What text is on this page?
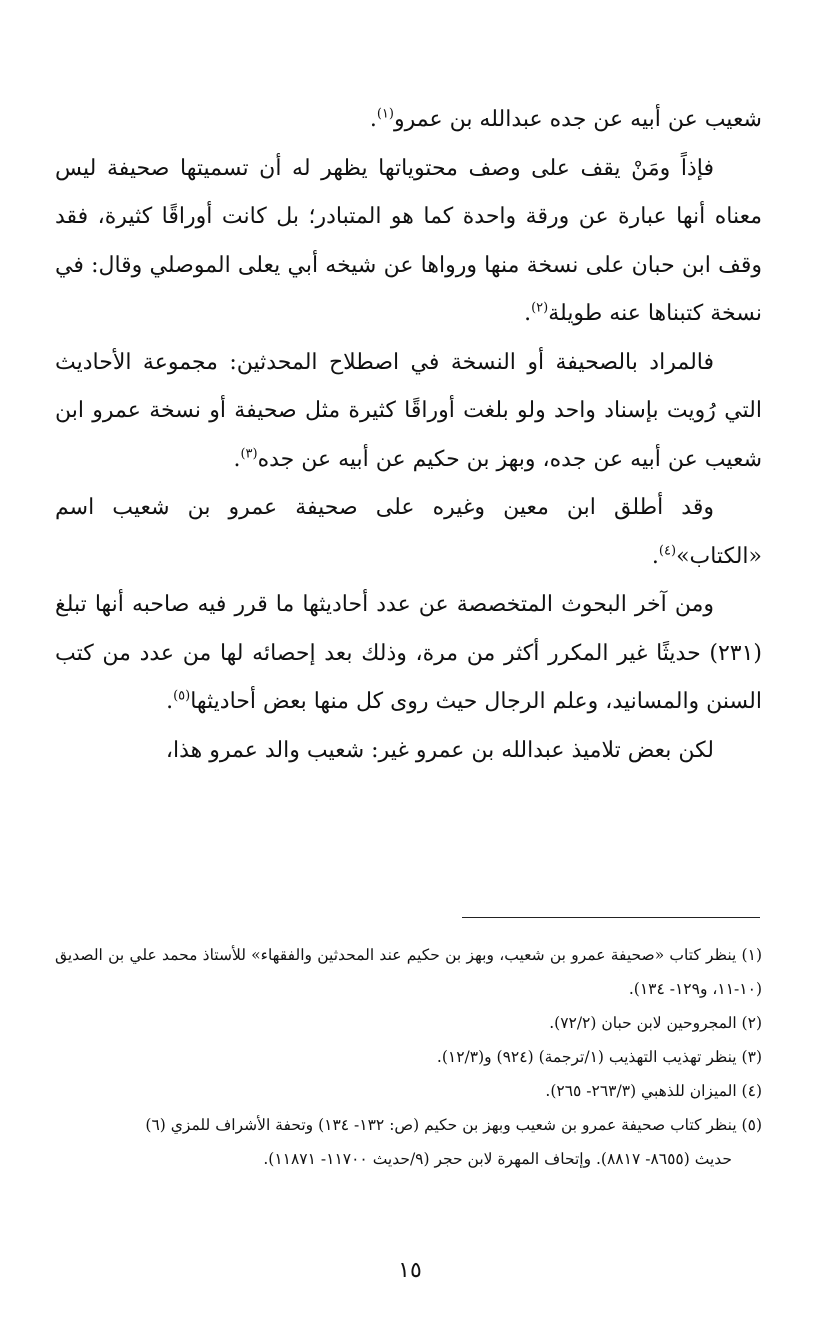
شعيب عن أبيه عن جده عبدالله بن عمرو$^{(١)}$.

فإذاً ومَنْ يقف على وصف محتوياتها يظهر له أن تسميتها صحيفة ليس معناه أنها عبارة عن ورقة واحدة كما هو المتبادر؛ بل كانت أوراقًا كثيرة، فقد وقف ابن حبان على نسخة منها ورواها عن شيخه أبي يعلى الموصلي وقال: في نسخة كتبناها عنه طويلة$^{(٢)}$.

فالمراد بالصحيفة أو النسخة في اصطلاح المحدثين: مجموعة الأحاديث التي رُويت بإسناد واحد ولو بلغت أوراقًا كثيرة مثل صحيفة أو نسخة عمرو ابن شعيب عن أبيه عن جده، وبهز بن حكيم عن أبيه عن جده$^{(٣)}$.

وقد أطلق ابن معين وغيره على صحيفة عمرو بن شعيب اسم «الكتاب»$^{(٤)}$.

ومن آخر البحوث المتخصصة عن عدد أحاديثها ما قرر فيه صاحبه أنها تبلغ (٢٣١) حديثًا غير المكرر أكثر من مرة، وذلك بعد إحصائه لها من عدد من كتب السنن والمسانيد، وعلم الرجال حيث روى كل منها بعض أحاديثها$^{(٥)}$.

لكن بعض تلاميذ عبدالله بن عمرو غير: شعيب والد عمرو هذا،

(١) ينظر كتاب «صحيفة عمرو بن شعيب، وبهز بن حكيم عند المحدثين والفقهاء» للأستاذ محمد علي بن الصديق (١٠-١١، و١٢٩- ١٣٤).

(٢) المجروحين لابن حبان (٧٢/٢).

(٣) ينظر تهذيب التهذيب (١/ترجمة) (٩٢٤) و(١٢/٣).

(٤) الميزان للذهبي (٢٦٣/٣- ٢٦٥).

(٥) ينظر كتاب صحيفة عمرو بن شعيب وبهز بن حكيم (ص: ١٣٢- ١٣٤) وتحفة الأشراف للمزي (٦)

حديث (٨٦٥٥- ٨٨١٧). وإتحاف المهرة لابن حجر (٩/حديث ١١٧٠٠- ١١٨٧١).

١٥
